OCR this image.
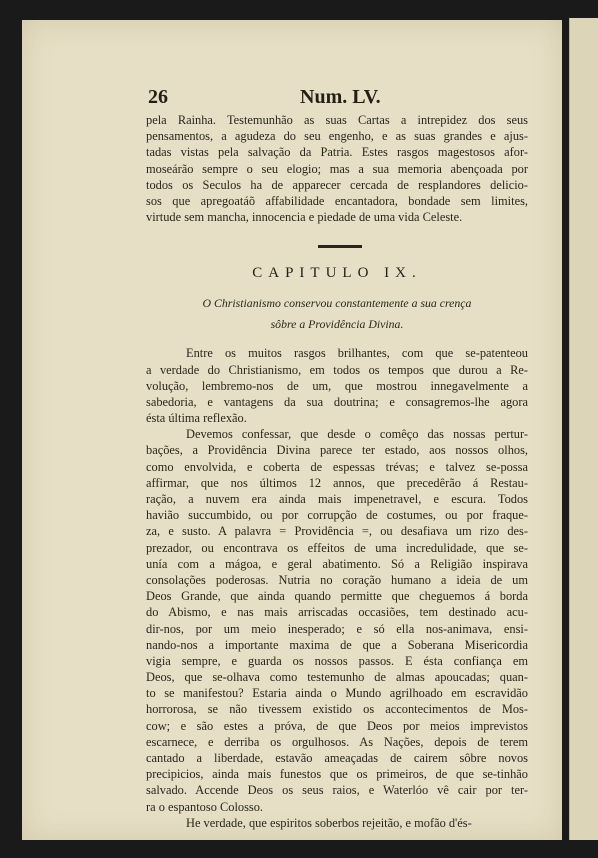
26	Num. LV.
pela Rainha. Testemunhão as suas Cartas a intrepidez dos seus
pensamentos, a agudeza do seu engenho, e as suas grandes e ajus-
tadas vistas pela salvação da Patria. Estes rasgos magestosos afor-
moseárão sempre o seu elogio; mas a sua memoria abençoada por
todos os Seculos ha de apparecer cercada de resplandores delicio-
sos que apregoatáõ affabilidade encantadora, bondade sem limites,
virtude sem mancha, innocencia e piedade de uma vida Celeste.
CAPITULO IX.
O Christianismo conservou constantemente a sua crença
sôbre a Providência Divina.
Entre os muitos rasgos brilhantes, com que se-patenteou
a verdade do Christianismo, em todos os tempos que durou a Re-
volução, lembremo-nos de um, que mostrou innegavelmente a
sabedoria, e vantagens da sua doutrina; e consagremos-lhe agora
ésta última reflexão.
Devemos confessar, que desde o comêço das nossas pertur-
bações, a Providência Divina parece ter estado, aos nossos olhos,
como envolvida, e coberta de espessas trévas; e talvez se-possa
affirmar, que nos últimos 12 annos, que precedêrão á Restau-
ração, a nuvem era ainda mais impenetravel, e escura. Todos
havião succumbido, ou por corrupção de costumes, ou por fraque-
za, e susto. A palavra = Providência =, ou desafiava um rizo des-
prezador, ou encontrava os effeitos de uma incredulidade, que se-
unía com a mágoa, e geral abatimento. Só a Religião inspirava
consolações poderosas. Nutria no coração humano a ideia de um
Deos Grande, que ainda quando permitte que cheguemos á borda
do Abismo, e nas mais arriscadas occasiões, tem destinado acu-
dir-nos, por um meio inesperado; e só ella nos-animava, ensi-
nando-nos a importante maxima de que a Soberana Misericordia
vigia sempre, e guarda os nossos passos. E ésta confiança em
Deos, que se-olhava como testemunho de almas apoucadas; quan-
to se manifestou? Estaria ainda o Mundo agrilhoado em escravidão
horrorosa, se não tivessem existido os accontecimentos de Mos-
cow; e são estes a próva, de que Deos por meios imprevistos
escarnece, e derriba os orgulhosos. As Nações, depois de terem
cantado a liberdade, estavão ameaçadas de cairem sôbre novos
precipicios, ainda mais funestos que os primeiros, de que se-tinhão
salvado. Accende Deos os seus raios, e Waterlóo vê cair por ter-
ra o espantoso Colosso.
He verdade, que espiritos soberbos rejeitão, e mofão d'és-
